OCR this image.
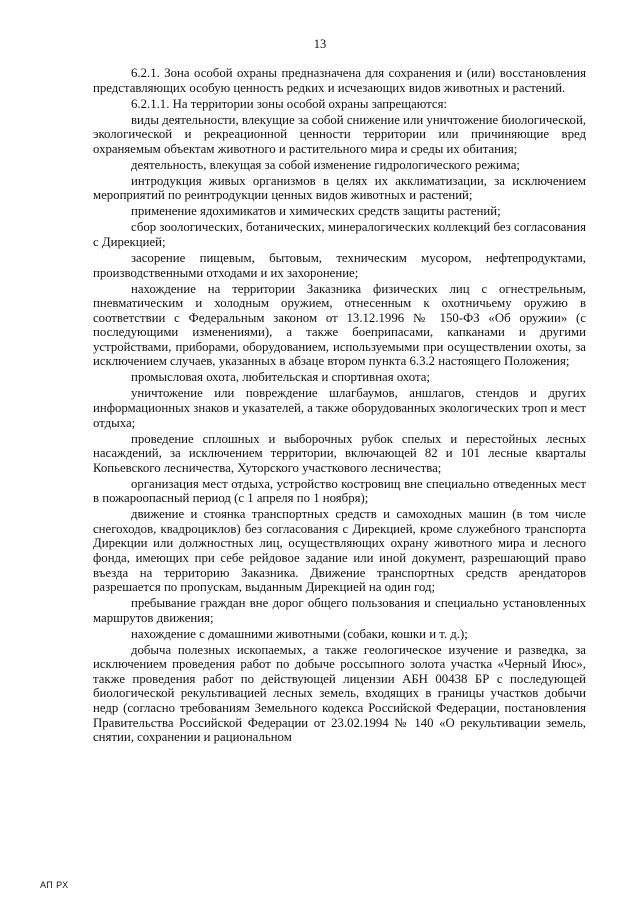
13

6.2.1. Зона особой охраны предназначена для сохранения и (или) восстановления представляющих особую ценность редких и исчезающих видов животных и растений.

6.2.1.1. На территории зоны особой охраны запрещаются:

виды деятельности, влекущие за собой снижение или уничтожение биологической, экологической и рекреационной ценности территории или причиняющие вред охраняемым объектам животного и растительного мира и среды их обитания;

деятельность, влекущая за собой изменение гидрологического режима;

интродукция живых организмов в целях их акклиматизации, за исключением мероприятий по реинтродукции ценных видов животных и растений;

применение ядохимикатов и химических средств защиты растений;

сбор зоологических, ботанических, минералогических коллекций без согласования с Дирекцией;

засорение пищевым, бытовым, техническим мусором, нефтепродуктами, производственными отходами и их захоронение;

нахождение на территории Заказника физических лиц с огнестрельным, пневматическим и холодным оружием, отнесенным к охотничьему оружию в соответствии с Федеральным законом от 13.12.1996 № 150-ФЗ «Об оружии» (с последующими изменениями), а также боеприпасами, капканами и другими устройствами, приборами, оборудованием, используемыми при осуществлении охоты, за исключением случаев, указанных в абзаце втором пункта 6.3.2 настоящего Положения;

промысловая охота, любительская и спортивная охота;

уничтожение или повреждение шлагбаумов, аншлагов, стендов и других информационных знаков и указателей, а также оборудованных экологических троп и мест отдыха;

проведение сплошных и выборочных рубок спелых и перестойных лесных насаждений, за исключением территории, включающей 82 и 101 лесные кварталы Копьевского лесничества, Хуторского участкового лесничества;

организация мест отдыха, устройство костровищ вне специально отведенных мест в пожароопасный период (с 1 апреля по 1 ноября);

движение и стоянка транспортных средств и самоходных машин (в том числе снегоходов, квадроциклов) без согласования с Дирекцией, кроме служебного транспорта Дирекции или должностных лиц, осуществляющих охрану животного мира и лесного фонда, имеющих при себе рейдовое задание или иной документ, разрешающий право въезда на территорию Заказника. Движение транспортных средств арендаторов разрешается по пропускам, выданным Дирекцией на один год;

пребывание граждан вне дорог общего пользования и специально установленных маршрутов движения;

нахождение с домашними животными (собаки, кошки и т. д.);

добыча полезных ископаемых, а также геологическое изучение и разведка, за исключением проведения работ по добыче россыпного золота участка «Черный Июс», также проведения работ по действующей лицензии АБН 00438 БР с последующей биологической рекультивацией лесных земель, входящих в границы участков добычи недр (согласно требованиям Земельного кодекса Российской Федерации, постановления Правительства Российской Федерации от 23.02.1994 № 140 «О рекультивации земель, снятии, сохранении и рациональном

АП РХ
